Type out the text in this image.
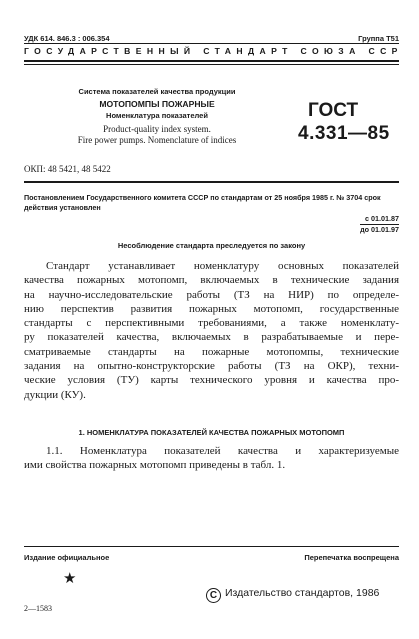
УДК 614. 846.3 : 006.354	Группа Т51
ГОСУДАРСТВЕННЫЙ СТАНДАРТ СОЮЗА ССР
Система показателей качества продукции
МОТОПОМПЫ ПОЖАРНЫЕ
Номенклатура показателей
Product-quality index system.
Fire power pumps. Nomenclature of indices
ГОСТ
4.331—85
ОКП: 48 5421, 48 5422
Постановлением Государственного комитета СССР по стандартам от 25 ноября 1985 г. № 3704 срок действия установлен
с 01.01.87
до 01.01.97
Несоблюдение стандарта преследуется по закону
Стандарт устанавливает номенклатуру основных показателей
качества пожарных мотопомп, включаемых в технические задания
на научно-исследовательские работы (ТЗ на НИР) по определе-
нию перспектив развития пожарных мотопомп, государственные
стандарты с перспективными требованиями, а также номенклату-
ру показателей качества, включаемых в разрабатываемые и пере-
сматриваемые стандарты на пожарные мотопомпы, технические
задания на опытно-конструкторские работы (ТЗ на ОКР), техни-
ческие условия (ТУ) карты технического уровня и качества про-
дукции (КУ).
1. НОМЕНКЛАТУРА ПОКАЗАТЕЛЕЙ КАЧЕСТВА ПОЖАРНЫХ МОТОПОМП
1.1. Номенклатура показателей качества и характеризуемые
ими свойства пожарных мотопомп приведены в табл. 1.
Издание официальное	Перепечатка воспрещена
★
С Издательство стандартов, 1986
2—1583
